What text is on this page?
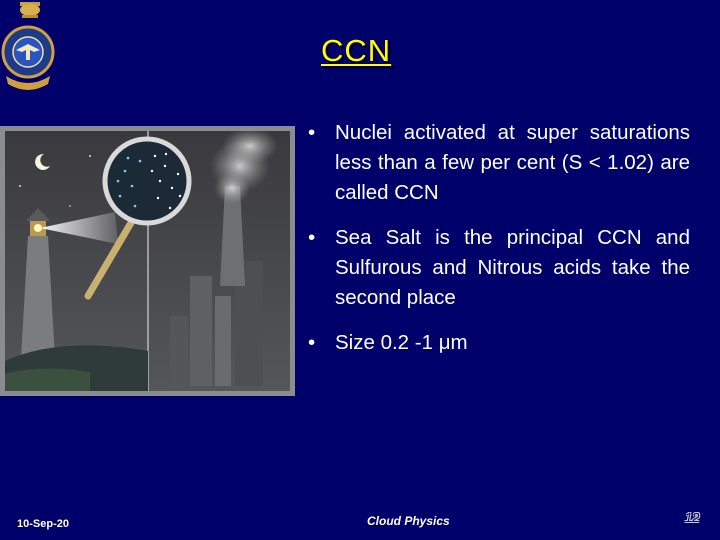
CCN
• Nuclei activated at super saturations less than a few per cent (S < 1.02) are called CCN
• Sea Salt is the principal CCN and Sulfurous and Nitrous acids take the second place
• Size 0.2 -1 μm
10-Sep-20	Cloud Physics	12
